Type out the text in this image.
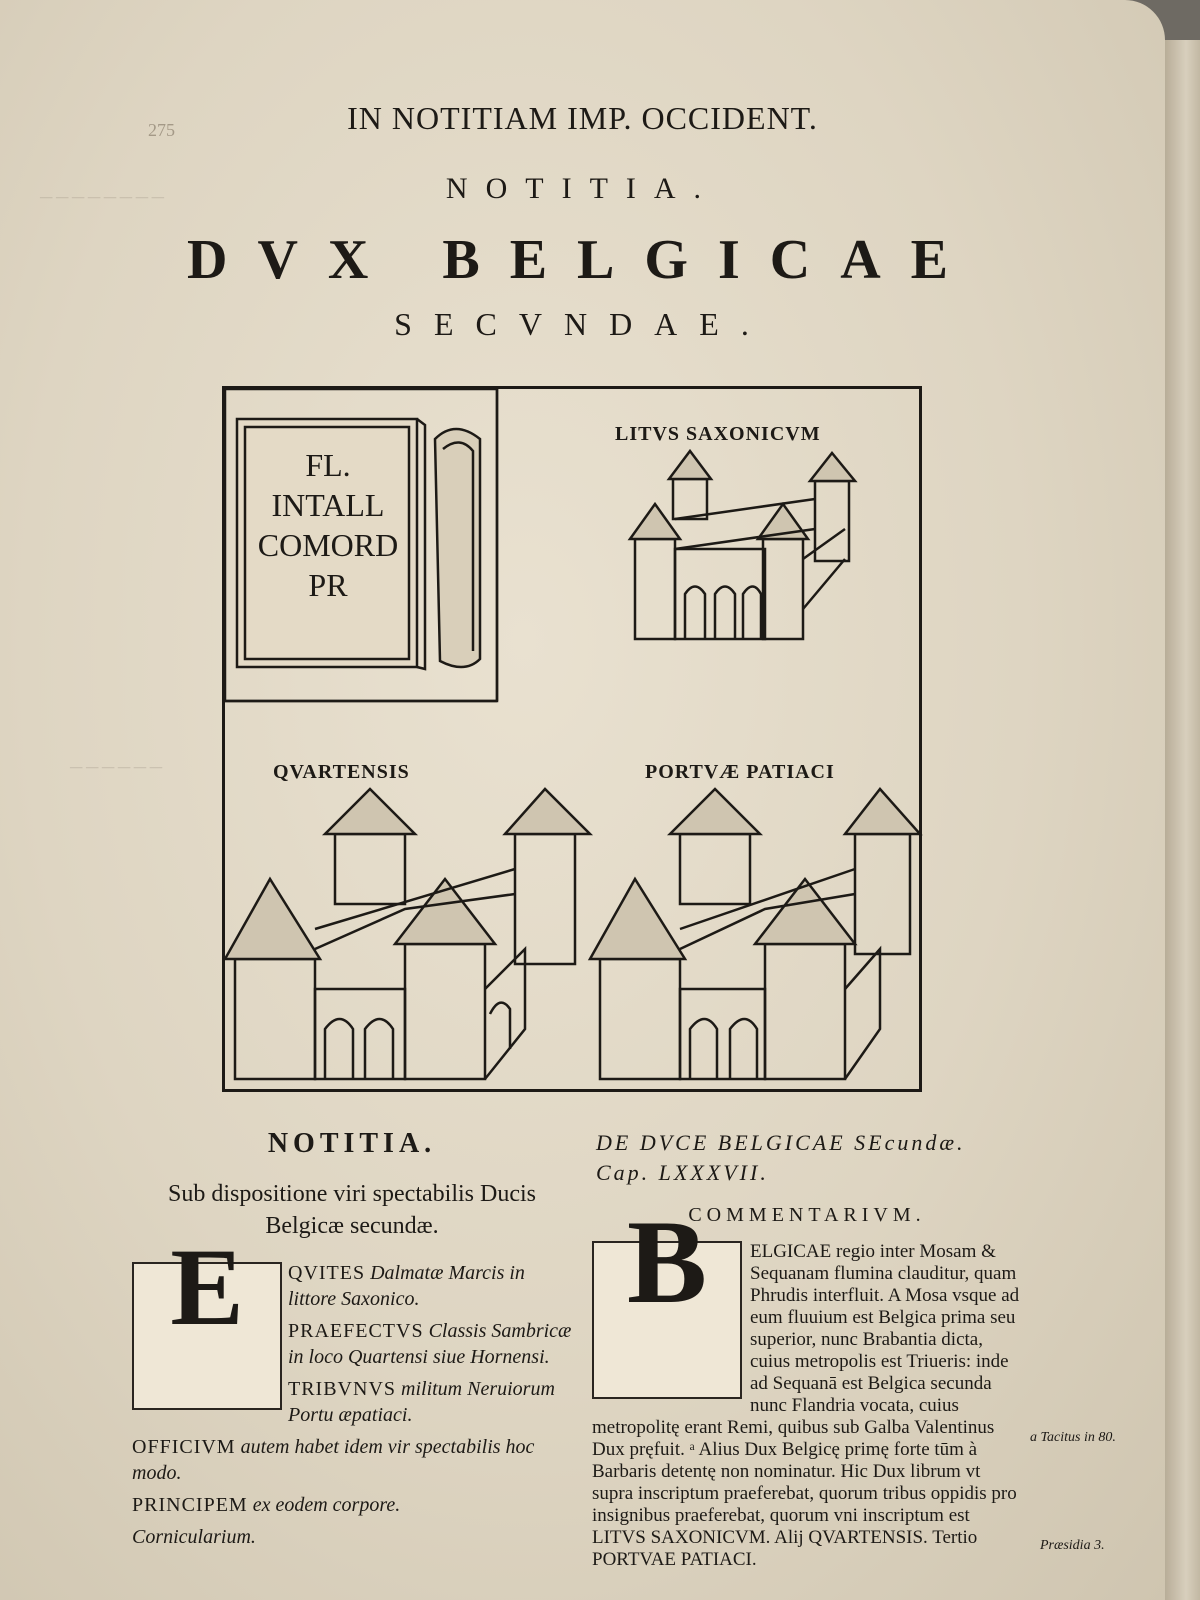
— — — — — — — —
— — — — — —
275	IN NOTITIAM IMP. OCCIDENT.
NOTITIA.
DVX BELGICAE
SECVNDAE.
FL.
INTALL
COMORD
PR
LITVS SAXONICVM
QVARTENSIS	PORTVÆ PATIACI
NOTITIA.
Sub dispositione viri spectabilis Ducis Belgicæ secundæ.
E	QVITES Dalmatæ Marcis in littore Saxonico.
PRAEFECTVS Classis Sambricæ in loco Quartensi siue Hornensi.
TRIBVNVS militum Neruiorum Portu æpatiaci.
OFFICIVM autem habet idem vir spectabilis hoc modo.
PRINCIPEM ex eodem corpore.
Cornicularium.
DE DVCE BELGICAE SEcundæ. Cap. LXXXVII.
COMMENTARIVM.
B	ELGICAE regio inter Mosam & Sequanam flumina clauditur, quam Phrudis interfluit. A Mosa vsque ad eum fluuium est Belgica prima seu superior, nunc Brabantia dicta, cuius metropolis est Triueris: inde ad Sequanā est Belgica secunda nunc Flandria vocata, cuius metropolitę erant Remi, quibus sub Galba Valentinus Dux pręfuit. ᵃ Alius Dux Belgicę primę forte tūm à Barbaris detentę non nominatur. Hic Dux librum vt supra inscriptum praeferebat, quorum tribus oppidis pro insignibus praeferebat, quorum vni inscriptum est LITVS SAXONICVM. Alij QVARTENSIS. Tertio PORTVAE PATIACI.
a Tacitus in 80.
Præsidia 3.
